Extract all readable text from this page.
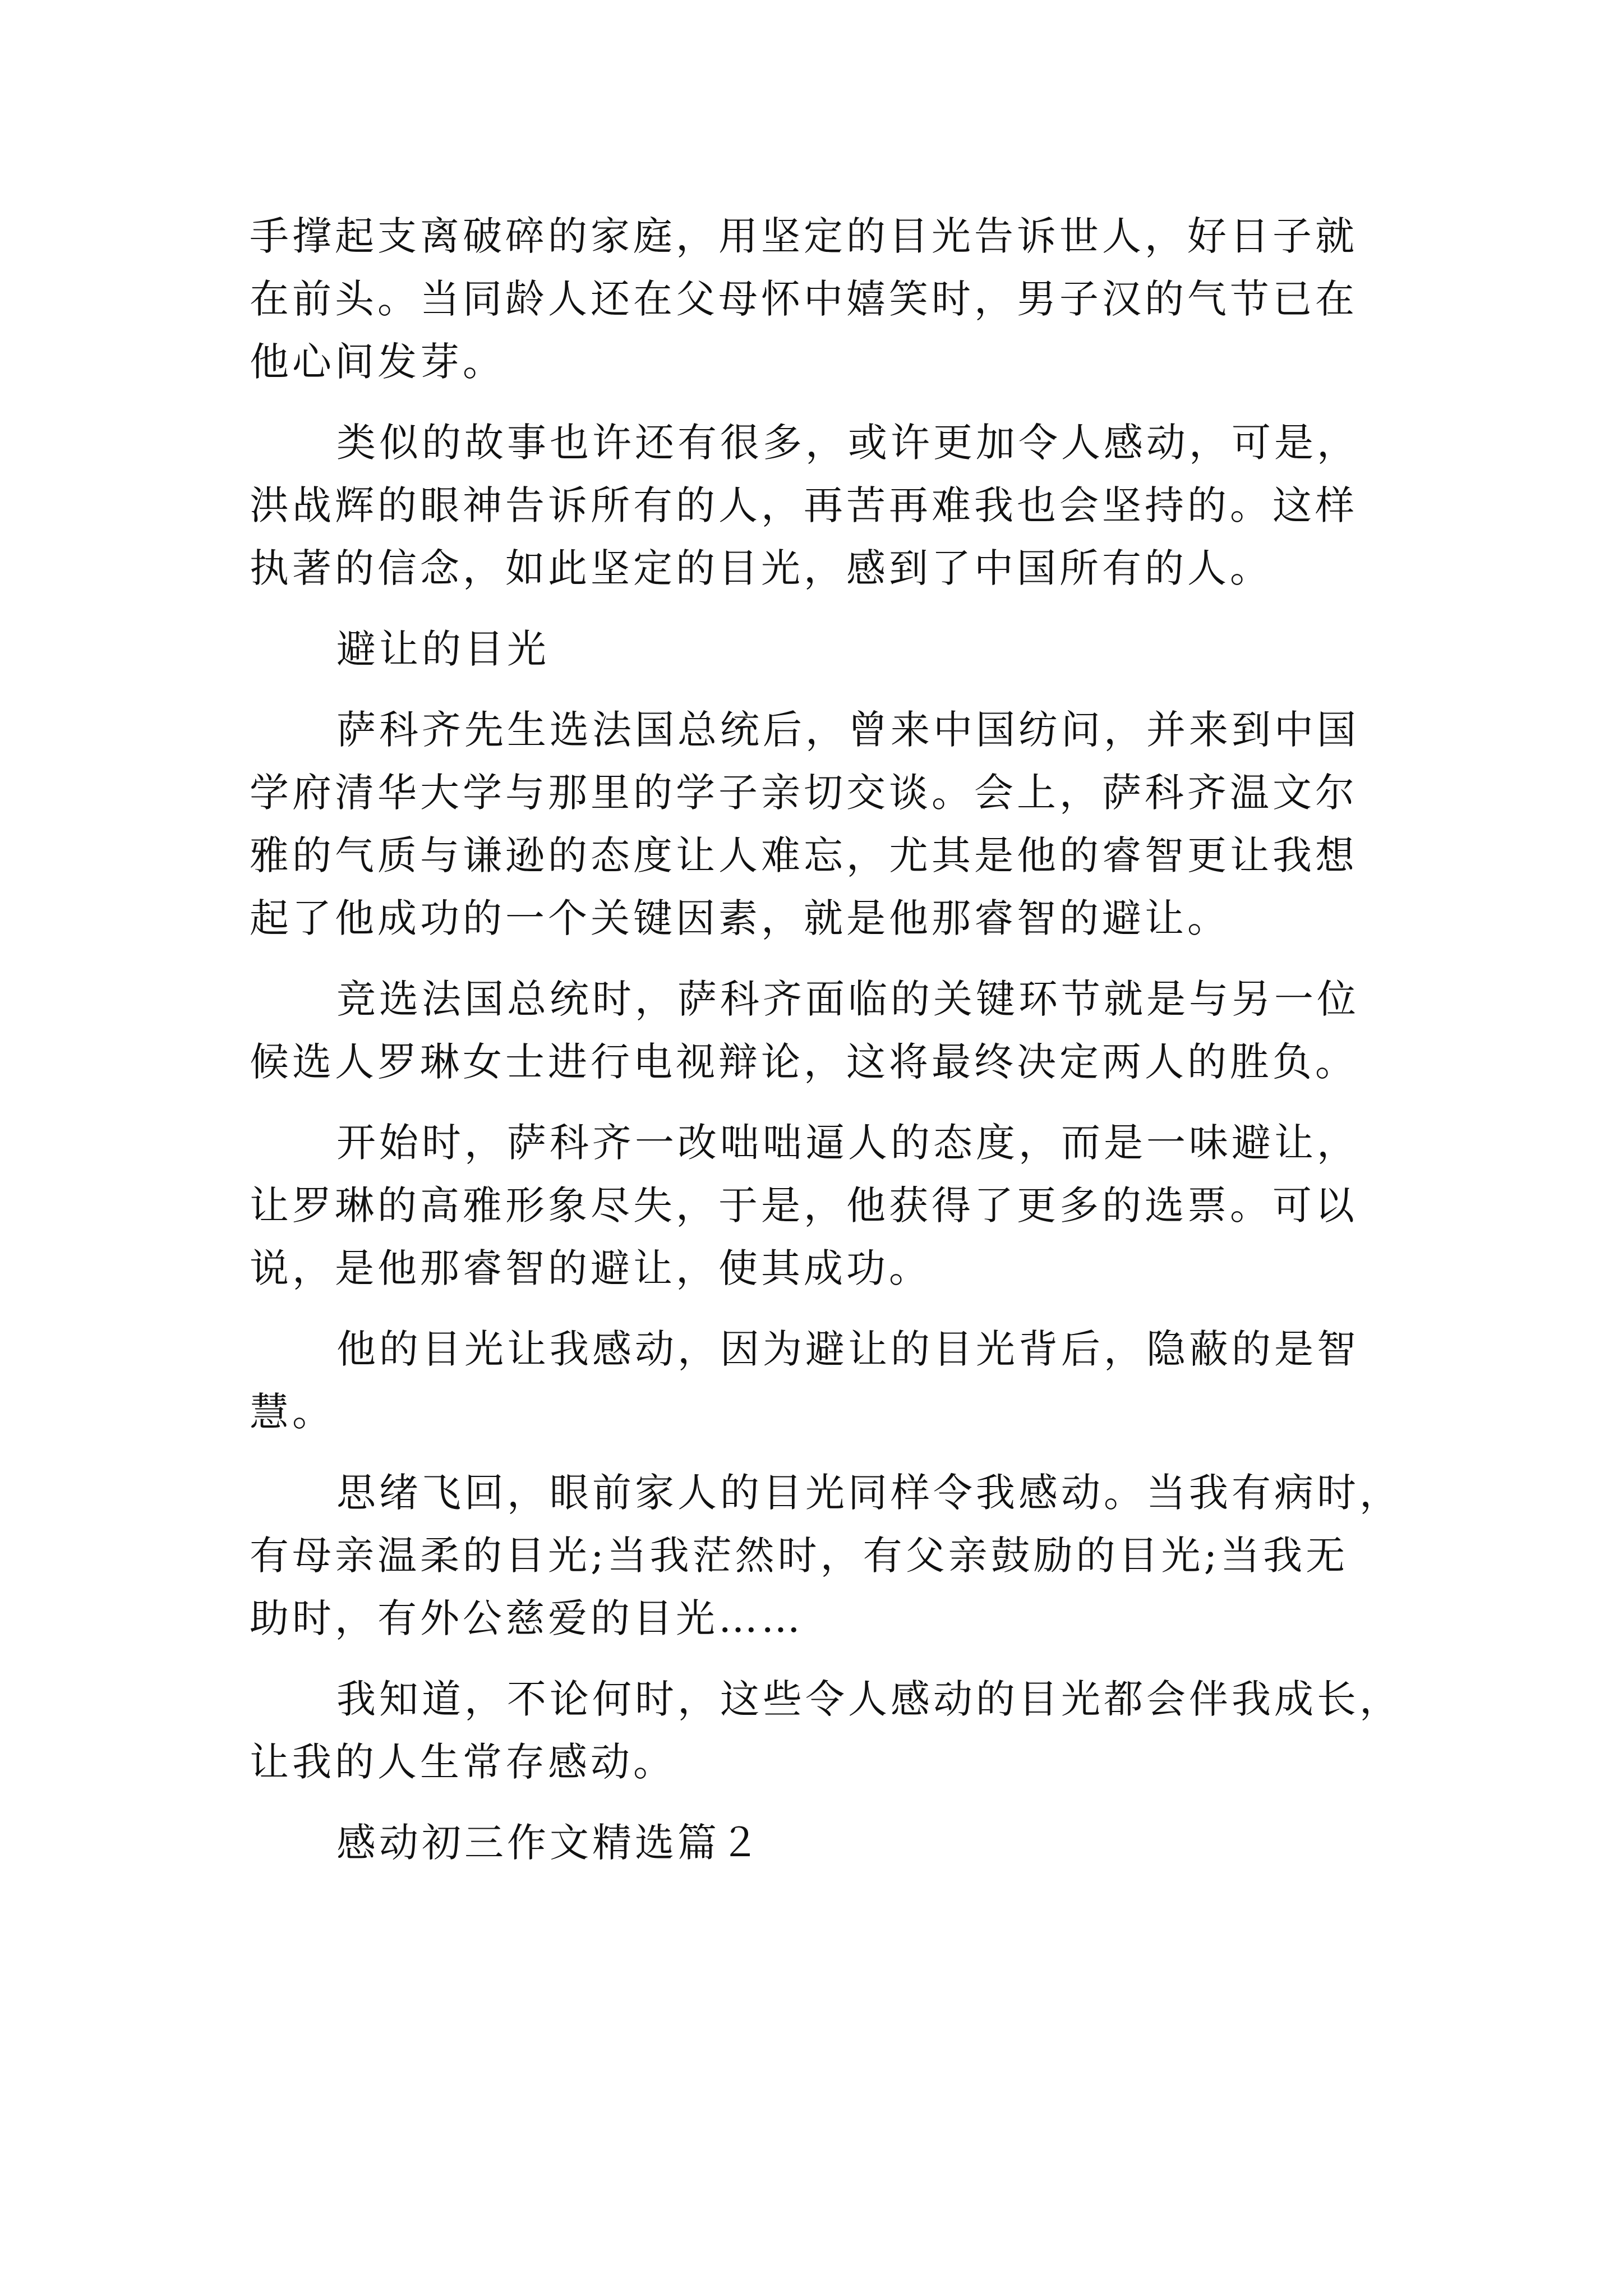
手撑起支离破碎的家庭，用坚定的目光告诉世人，好日子就
在前头。当同龄人还在父母怀中嬉笑时，男子汉的气节已在
他心间发芽。
类似的故事也许还有很多，或许更加令人感动，可是，
洪战辉的眼神告诉所有的人，再苦再难我也会坚持的。这样
执著的信念，如此坚定的目光，感到了中国所有的人。
避让的目光
萨科齐先生选法国总统后，曾来中国纺问，并来到中国
学府清华大学与那里的学子亲切交谈。会上，萨科齐温文尔
雅的气质与谦逊的态度让人难忘，尤其是他的睿智更让我想
起了他成功的一个关键因素，就是他那睿智的避让。
竞选法国总统时，萨科齐面临的关键环节就是与另一位
候选人罗琳女士进行电视辩论，这将最终决定两人的胜负。
开始时，萨科齐一改咄咄逼人的态度，而是一味避让，
让罗琳的高雅形象尽失，于是，他获得了更多的选票。可以
说，是他那睿智的避让，使其成功。
他的目光让我感动，因为避让的目光背后，隐蔽的是智
慧。
思绪飞回，眼前家人的目光同样令我感动。当我有病时，
有母亲温柔的目光;当我茫然时，有父亲鼓励的目光;当我无
助时，有外公慈爱的目光……
我知道，不论何时，这些令人感动的目光都会伴我成长，
让我的人生常存感动。
感动初三作文精选篇２
